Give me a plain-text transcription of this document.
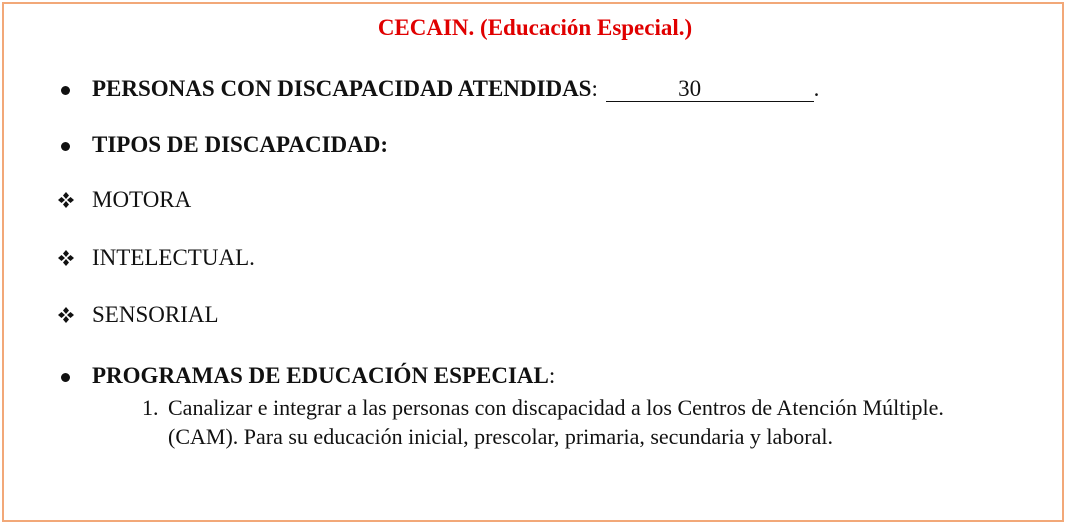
CECAIN. (Educación Especial.)
PERSONAS CON DISCAPACIDAD ATENDIDAS:	30	.
TIPOS DE DISCAPACIDAD:
MOTORA
INTELECTUAL.
SENSORIAL
PROGRAMAS DE EDUCACIÓN ESPECIAL:
1. Canalizar e integrar a las personas con discapacidad a los Centros de Atención Múltiple.
(CAM). Para su educación inicial, prescolar, primaria, secundaria y laboral.
